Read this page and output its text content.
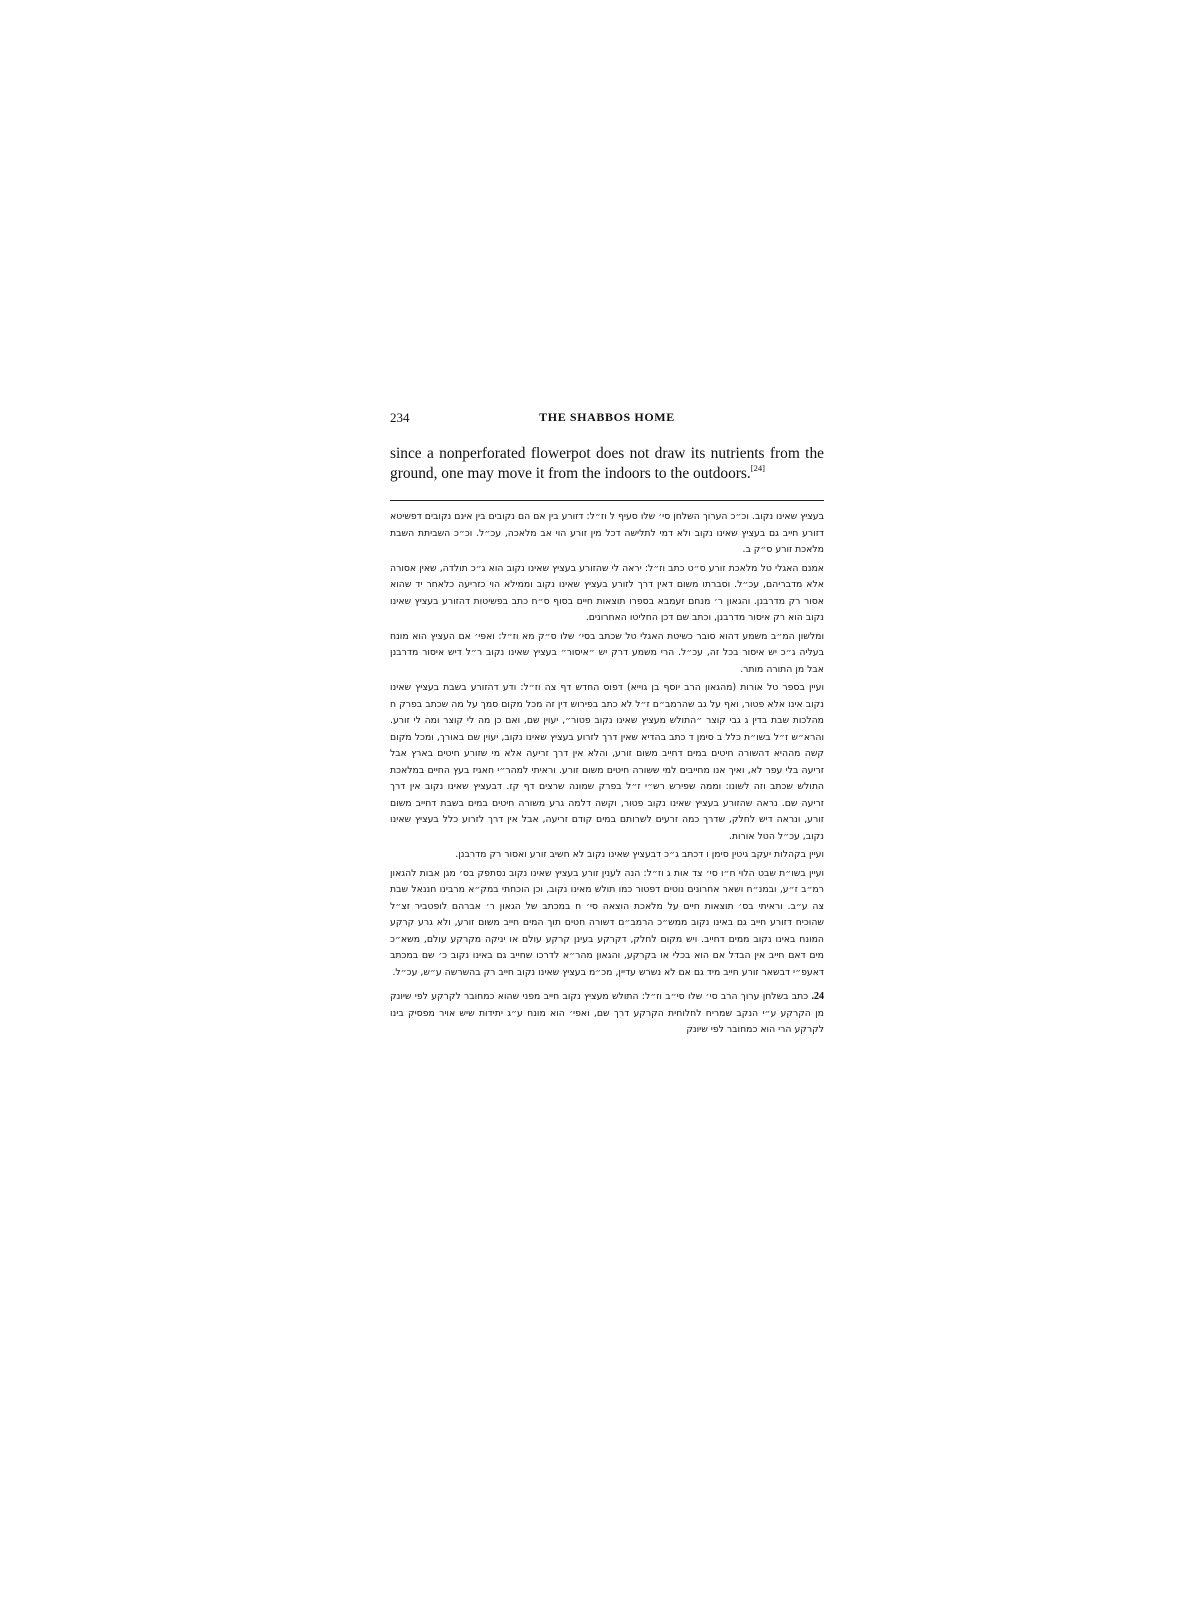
234	THE SHABBOS HOME

since a nonperforated flowerpot does not draw its nutrients from the ground, one may move it from the indoors to the outdoors.[24]

בעציץ שאינו נקוב. וכ״כ הערוך השלחן סי׳ שלו סעיף ל וז״ל: דזורע בין אם הם נקובים בין אינם נקובים דפשיטא דזורע חייב גם בעציץ שאינו נקוב ולא דמי לתלישה דכל מין זורע הוי אב מלאכה, עכ״ל. וכ״כ השביתת השבת מלאכת זורע ס״ק ב.

אמנם האגלי טל מלאכת זורע ס״ט כתב וז״ל: יראה לי שהזורע בעציץ שאינו נקוב הוא ג״כ תולדה, שאין אסורה אלא מדבריהם, עכ״ל. וסברתו משום דאין דרך לזורע בעציץ שאינו נקוב וממילא הוי כזריעה כלאחר יד שהוא אסור רק מדרבנן. והגאון ר׳ מנחם זעמבא בספרו תוצאות חיים בסוף ס״ח כתב בפשיטות דהזורע בעציץ שאינו נקוב הוא רק איסור מדרבנן, וכתב שם דכן החליטו האחרונים.

ומלשון המ״ב משמע דהוא סובר כשיטת האגלי טל שכתב בסי׳ שלו ס״ק מא וז״ל: ואפי׳ אם העציץ הוא מונח בעליה ג״כ יש איסור בכל זה, עכ״ל. הרי משמע דרק יש ״איסור״ בעציץ שאינו נקוב ר״ל דיש איסור מדרבנן אבל מן התורה מותר.

ועיין בספר טל אורות (מהגאון הרב יוסף בן גוייא) דפוס החדש דף צה וז״ל: ודע דהזורע בשבת בעציץ שאינו נקוב אינו אלא פטור, ואף על גב שהרמב״ם ז״ל לא כתב בפירוש דין זה מכל מקום סמך על מה שכתב בפרק ח מהלכות שבת בדין ג גבי קוצר ״התולש מעציץ שאינו נקוב פטור״, יעוין שם, ואם כן מה לי קוצר ומה לי זורע. והרא״ש ז״ל בשו״ת כלל ב סימן ד כתב בהדיא שאין דרך לזרוע בעציץ שאינו נקוב, יעוין שם באורך, ומכל מקום קשה מההיא דהשורה חיטים במים דחייב משום זורע, והלא אין דרך זריעה אלא מי שזורע חיטים בארץ אבל זריעה בלי עפר לא, ואיך אנו מחייבים למי ששורה חיטים משום זורע. וראיתי למהר״י חאגיז בעץ החיים במלאכת התולש שכתב וזה לשונו: וממה שפירש רש״י ז״ל בפרק שמונה שרצים דף קז. דבעציץ שאינו נקוב אין דרך זריעה שם. נראה שהזורע בעציץ שאינו נקוב פטור, וקשה דלמה גרע משורה חיטים במים בשבת דחייב משום זורע, ונראה דיש לחלק, שדרך כמה זרעים לשרותם במים קודם זריעה, אבל אין דרך לזרוע כלל בעציץ שאינו נקוב, עכ״ל הטל אורות.

ועיין בקהלות יעקב גיטין סימן ו דכתב ג״כ דבעציץ שאינו נקוב לא חשיב זורע ואסור רק מדרבנן.

ועיין בשו״ת שבט הלוי ח״ו סי׳ צד אות ג וז״ל: הנה לענין זורע בעציץ שאינו נקוב נסתפק בס׳ מגן אבות להגאון רמ״ב ז״ע, ובמנ״ח ושאר אחרונים נוטים דפטור כמו תולש מאינו נקוב, וכן הוכחתי במק״א מרבינו חננאל שבת צה ע״ב. וראיתי בס׳ תוצאות חיים על מלאכת הוצאה סי׳ ח במכתב של הגאון ר׳ אברהם לופטביר זצ״ל שהוכיח דזורע חייב גם באינו נקוב ממש״כ הרמב״ם דשורה חטים תוך המים חייב משום זורע, ולא גרע קרקע המונח באינו נקוב ממים דחייב. ויש מקום לחלק, דקרקע בעינן קרקע עולם או יניקה מקרקע עולם, משא״כ מים דאם חייב אין הבדל אם הוא בכלי או בקרקע, והגאון מהר״א לדרכו שחייב גם באינו נקוב כ׳ שם במכתב דאעפ״י דבשאר זורע חייב מיד גם אם לא נשרש עדיין, מכ״מ בעציץ שאינו נקוב חייב רק בהשרשה ע״ש, עכ״ל.

24. כתב בשלחן ערוך הרב סי׳ שלו סי״ב וז״ל: התולש מעציץ נקוב חייב מפני שהוא כמחובר לקרקע לפי שיונק מן הקרקע ע״י הנקב שמריח לחלוחית הקרקע דרך שם, ואפי׳ הוא מונח ע״ג יתידות שיש אויר מפסיק בינו לקרקע הרי הוא כמחובר לפי שיונק
